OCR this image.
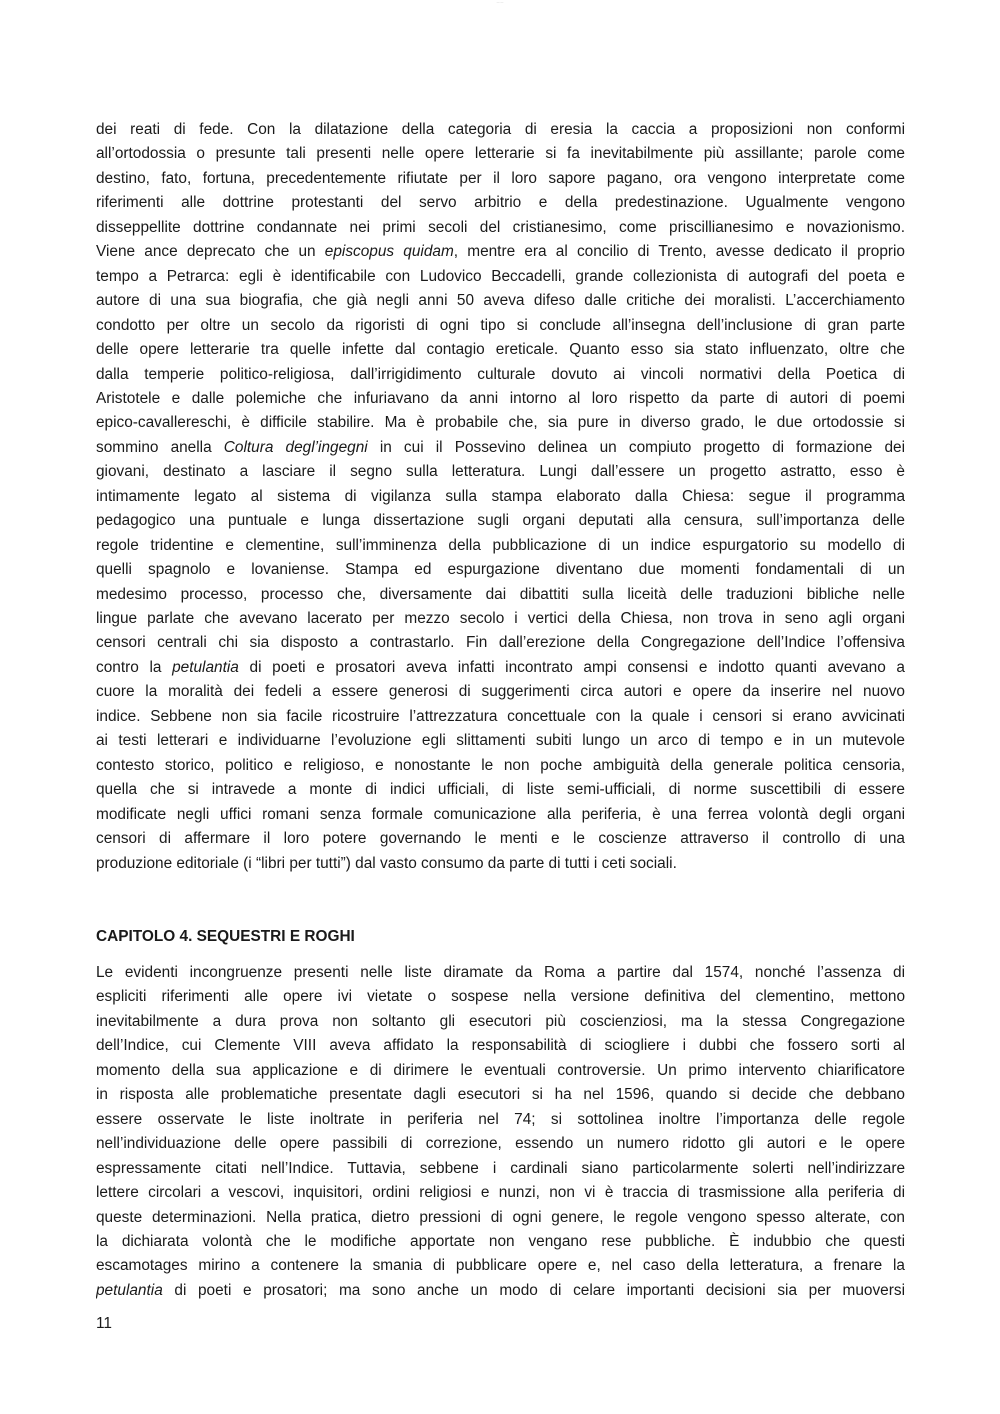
— —
dei reati di fede. Con la dilatazione della categoria di eresia la caccia a proposizioni non conformi
all’ortodossia o presunte tali presenti nelle opere letterarie si fa inevitabilmente più assillante; parole come
destino, fato, fortuna, precedentemente rifiutate per il loro sapore pagano, ora vengono interpretate come
riferimenti alle dottrine protestanti del servo arbitrio e della predestinazione. Ugualmente vengono
disseppellite dottrine condannate nei primi secoli del cristianesimo, come priscillianesimo e novazionismo.
Viene ance deprecato che un episcopus quidam, mentre era al concilio di Trento, avesse dedicato il proprio
tempo a Petrarca: egli è identificabile con Ludovico Beccadelli, grande collezionista di autografi del poeta e
autore di una sua biografia, che già negli anni 50 aveva difeso dalle critiche dei moralisti. L’accerchiamento
condotto per oltre un secolo da rigoristi di ogni tipo si conclude all’insegna dell’inclusione di gran parte
delle opere letterarie tra quelle infette dal contagio ereticale. Quanto esso sia stato influenzato, oltre che
dalla temperie politico-religiosa, dall’irrigidimento culturale dovuto ai vincoli normativi della Poetica di
Aristotele e dalle polemiche che infuriavano da anni intorno al loro rispetto da parte di autori di poemi
epico-cavallereschi, è difficile stabilire. Ma è probabile che, sia pure in diverso grado, le due ortodossie si
sommino anella Coltura degl’ingegni in cui il Possevino delinea un compiuto progetto di formazione dei
giovani, destinato a lasciare il segno sulla letteratura. Lungi dall’essere un progetto astratto, esso è
intimamente legato al sistema di vigilanza sulla stampa elaborato dalla Chiesa: segue il programma
pedagogico una puntuale e lunga dissertazione sugli organi deputati alla censura, sull’importanza delle
regole tridentine e clementine, sull’imminenza della pubblicazione di un indice espurgatorio su modello di
quelli spagnolo e lovaniense. Stampa ed espurgazione diventano due momenti fondamentali di un
medesimo processo, processo che, diversamente dai dibattiti sulla liceità delle traduzioni bibliche nelle
lingue parlate che avevano lacerato per mezzo secolo i vertici della Chiesa, non trova in seno agli organi
censori centrali chi sia disposto a contrastarlo. Fin dall’erezione della Congregazione dell’Indice l’offensiva
contro la petulantia di poeti e prosatori aveva infatti incontrato ampi consensi e indotto quanti avevano a
cuore la moralità dei fedeli a essere generosi di suggerimenti circa autori e opere da inserire nel nuovo
indice. Sebbene non sia facile ricostruire l’attrezzatura concettuale con la quale i censori si erano avvicinati
ai testi letterari e individuarne l’evoluzione egli slittamenti subiti lungo un arco di tempo e in un mutevole
contesto storico, politico e religioso, e nonostante le non poche ambiguità della generale politica censoria,
quella che si intravede a monte di indici ufficiali, di liste semi-ufficiali, di norme suscettibili di essere
modificate negli uffici romani senza formale comunicazione alla periferia, è una ferrea volontà degli organi
censori di affermare il loro potere governando le menti e le coscienze attraverso il controllo di una
produzione editoriale (i “libri per tutti”) dal vasto consumo da parte di tutti i ceti sociali.
CAPITOLO 4. SEQUESTRI E ROGHI
Le evidenti incongruenze presenti nelle liste diramate da Roma a partire dal 1574, nonché l’assenza di
espliciti riferimenti alle opere ivi vietate o sospese nella versione definitiva del clementino, mettono
inevitabilmente a dura prova non soltanto gli esecutori più coscienziosi, ma la stessa Congregazione
dell’Indice, cui Clemente VIII aveva affidato la responsabilità di sciogliere i dubbi che fossero sorti al
momento della sua applicazione e di dirimere le eventuali controversie. Un primo intervento chiarificatore
in risposta alle problematiche presentate dagli esecutori si ha nel 1596, quando si decide che debbano
essere osservate le liste inoltrate in periferia nel 74; si sottolinea inoltre l’importanza delle regole
nell’individuazione delle opere passibili di correzione, essendo un numero ridotto gli autori e le opere
espressamente citati nell’Indice. Tuttavia, sebbene i cardinali siano particolarmente solerti nell’indirizzare
lettere circolari a vescovi, inquisitori, ordini religiosi e nunzi, non vi è traccia di trasmissione alla periferia di
queste determinazioni. Nella pratica, dietro pressioni di ogni genere, le regole vengono spesso alterate, con
la dichiarata volontà che le modifiche apportate non vengano rese pubbliche. È indubbio che questi
escamotages mirino a contenere la smania di pubblicare opere e, nel caso della letteratura, a frenare la
petulantia di poeti e prosatori; ma sono anche un modo di celare importanti decisioni sia per muoversi
11
